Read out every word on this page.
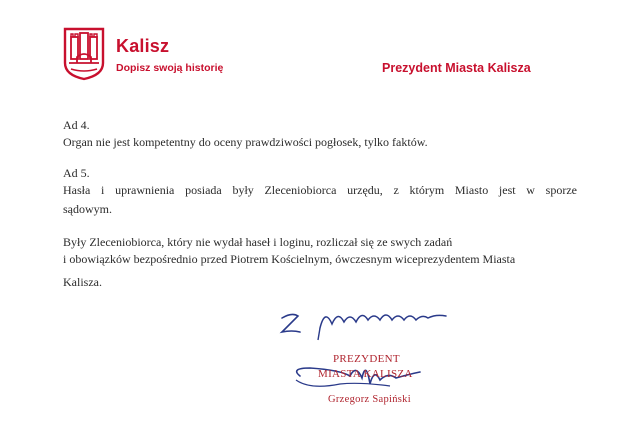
Kalisz
Dopisz swoją historię	Prezydent Miasta Kalisza

Ad 4.

Organ nie jest kompetentny do oceny prawdziwości pogłosek, tylko faktów.

Ad 5.

Hasła i uprawnienia posiada były Zleceniobiorca urzędu, z którym Miasto jest w sporze

sądowym.

Były Zleceniobiorca, który nie wydał haseł i loginu, rozliczał się ze swych zadań

i obowiązków bezpośrednio przed Piotrem Kościelnym, ówczesnym wiceprezydentem Miasta

Kalisza.

PREZYDENT
MIASTA KALISZA
Grzegorz Sapiński
